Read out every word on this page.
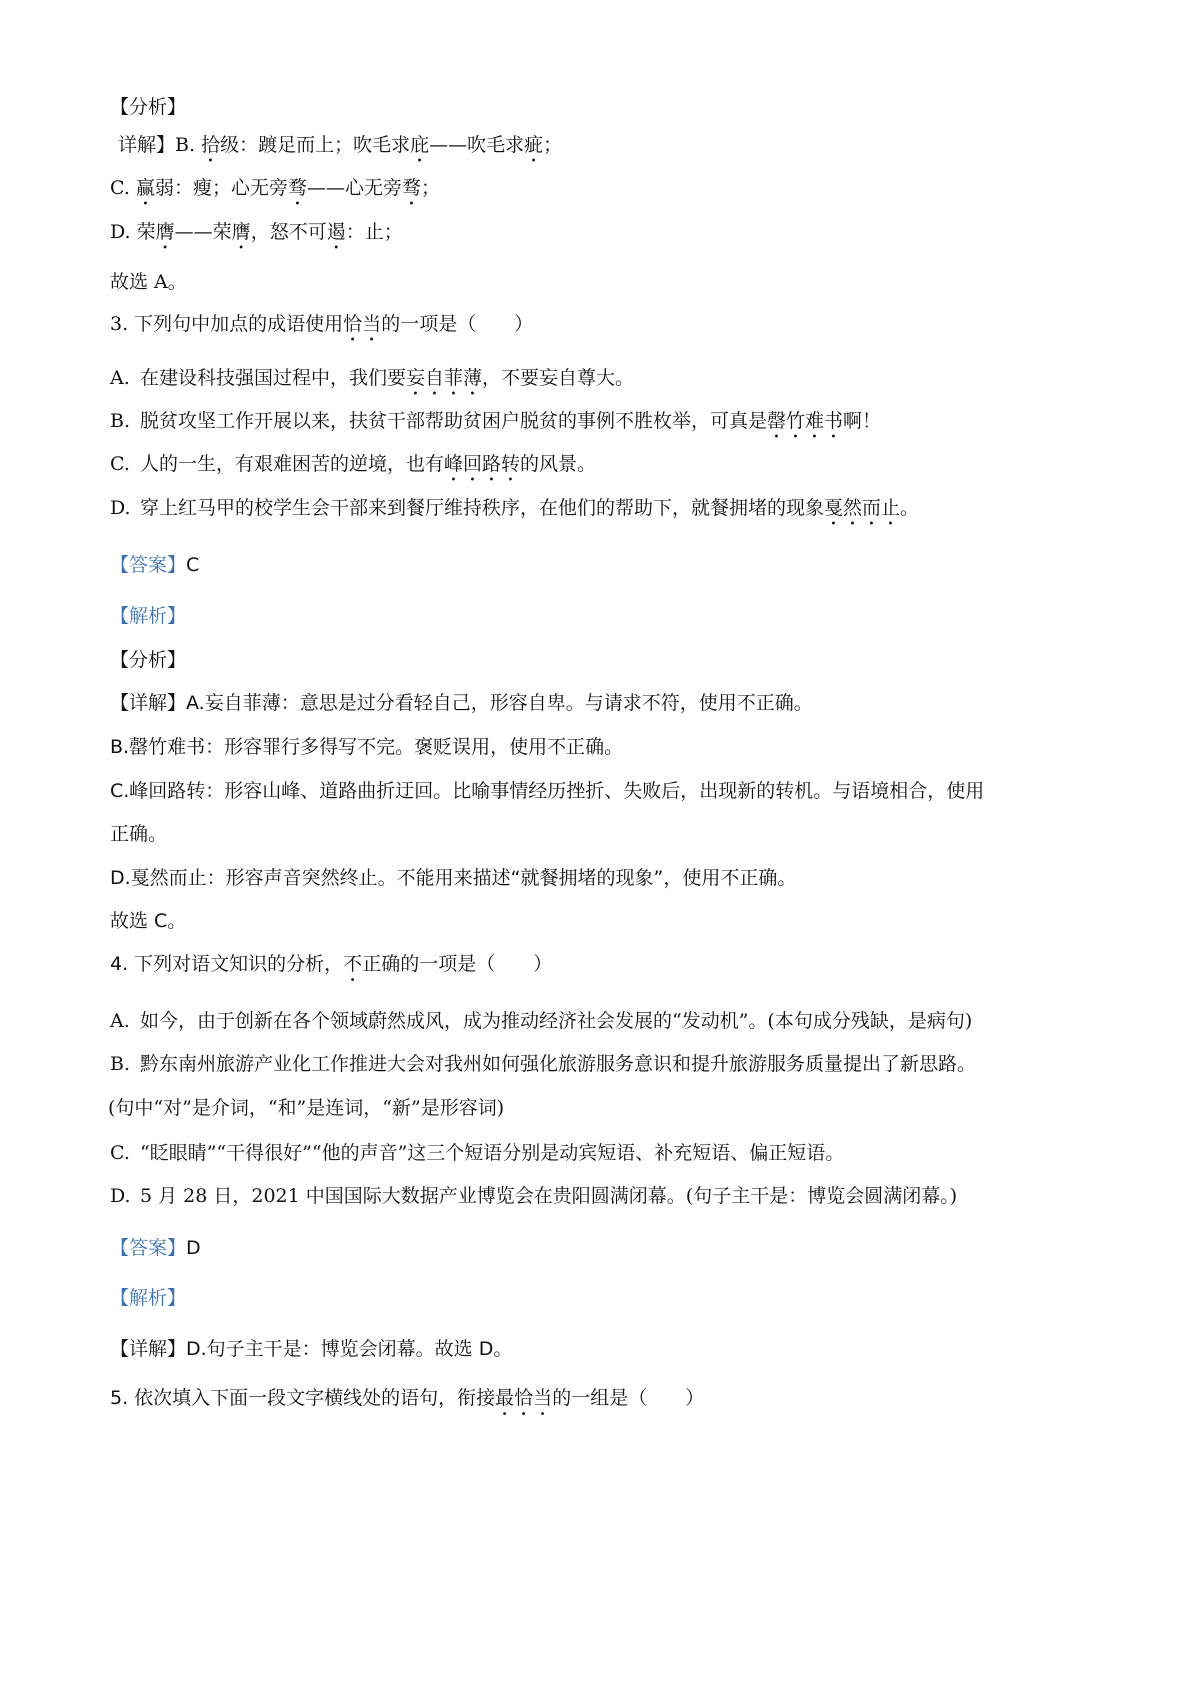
【分析】
详解】B. 拾级：踱足而上；吹毛求庇——吹毛求疵；
C. 赢弱：瘦；心无旁骛——心无旁骛；
D. 荣膺——荣膺，怒不可遏：止；
故选 A。
3. 下列句中加点的成语使用恰当的一项是（　　）
A. 在建设科技强国过程中，我们要妄自菲薄，不要妄自尊大。
B. 脱贫攻坚工作开展以来，扶贫干部帮助贫困户脱贫的事例不胜枚举，可真是罄竹难书啊！
C. 人的一生，有艰难困苦的逆境，也有峰回路转的风景。
D. 穿上红马甲的校学生会干部来到餐厅维持秩序，在他们的帮助下，就餐拥堵的现象戛然而止。
【答案】C
【解析】
【分析】
【详解】A.妄自菲薄：意思是过分看轻自己，形容自卑。与请求不符，使用不正确。
B.罄竹难书：形容罪行多得写不完。褒贬误用，使用不正确。
C.峰回路转：形容山峰、道路曲折迂回。比喻事情经历挫折、失败后，出现新的转机。与语境相合，使用
正确。
D.戛然而止：形容声音突然终止。不能用来描述“就餐拥堵的现象”，使用不正确。
故选 C。
4. 下列对语文知识的分析，不正确的一项是（　　）
A. 如今，由于创新在各个领域蔚然成风，成为推动经济社会发展的“发动机”。(本句成分残缺，是病句)
B. 黔东南州旅游产业化工作推进大会对我州如何强化旅游服务意识和提升旅游服务质量提出了新思路。
(句中“对”是介词，“和”是连词，“新”是形容词)
C. “眨眼睛”“干得很好”“他的声音”这三个短语分别是动宾短语、补充短语、偏正短语。
D. 5 月 28 日，2021 中国国际大数据产业博览会在贵阳圆满闭幕。(句子主干是：博览会圆满闭幕。)
【答案】D
【解析】
【详解】D.句子主干是：博览会闭幕。故选 D。
5. 依次填入下面一段文字横线处的语句，衔接最恰当的一组是（　　）
